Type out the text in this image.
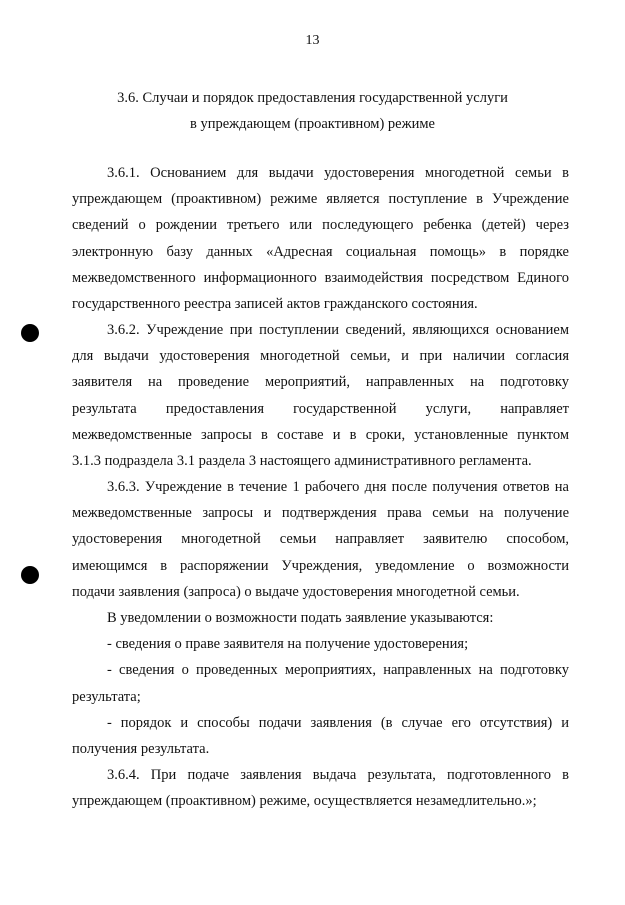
13
3.6. Случаи и порядок предоставления государственной услуги
в упреждающем (проактивном) режиме

3.6.1. Основанием для выдачи удостоверения многодетной семьи в

упреждающем (проактивном) режиме является поступление в Учреждение

сведений о рождении третьего или последующего ребенка (детей) через

электронную базу данных «Адресная социальная помощь» в порядке

межведомственного информационного взаимодействия посредством Единого

государственного реестра записей актов гражданского состояния.

3.6.2. Учреждение при поступлении сведений, являющихся основанием

для выдачи удостоверения многодетной семьи, и при наличии согласия

заявителя на проведение мероприятий, направленных на подготовку

результата предоставления государственной услуги, направляет

межведомственные запросы в составе и в сроки, установленные пунктом

3.1.3 подраздела 3.1 раздела 3 настоящего административного регламента.

3.6.3. Учреждение в течение 1 рабочего дня после получения ответов на

межведомственные запросы и подтверждения права семьи на получение

удостоверения многодетной семьи направляет заявителю способом,

имеющимся в распоряжении Учреждения, уведомление о возможности

подачи заявления (запроса) о выдаче удостоверения многодетной семьи.

В уведомлении о возможности подать заявление указываются:

- сведения о праве заявителя на получение удостоверения;

- сведения о проведенных мероприятиях, направленных на подготовку

результата;

- порядок и способы подачи заявления (в случае его отсутствия) и

получения результата.

3.6.4. При подаче заявления выдача результата, подготовленного в

упреждающем (проактивном) режиме, осуществляется незамедлительно.»;
